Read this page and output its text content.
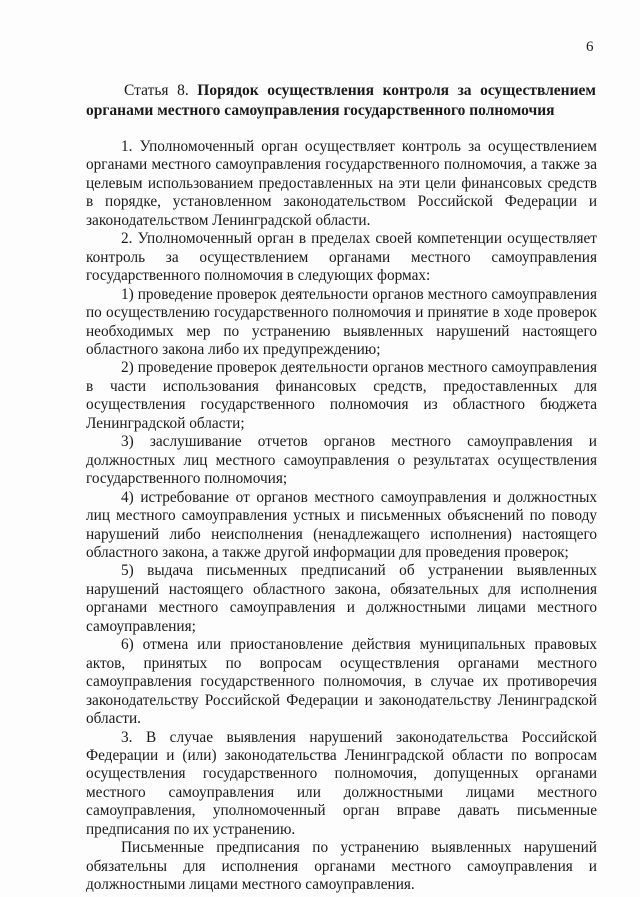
6
Статья 8. Порядок осуществления контроля за осуществлением органами местного самоуправления государственного полномочия

1. Уполномоченный орган осуществляет контроль за осуществлением органами местного самоуправления государственного полномочия, а также за целевым использованием предоставленных на эти цели финансовых средств в порядке, установленном законодательством Российской Федерации и законодательством Ленинградской области.

2. Уполномоченный орган в пределах своей компетенции осуществляет контроль за осуществлением органами местного самоуправления государственного полномочия в следующих формах:

1) проведение проверок деятельности органов местного самоуправления по осуществлению государственного полномочия и принятие в ходе проверок необходимых мер по устранению выявленных нарушений настоящего областного закона либо их предупреждению;

2) проведение проверок деятельности органов местного самоуправления в части использования финансовых средств, предоставленных для осуществления государственного полномочия из областного бюджета Ленинградской области;

3) заслушивание отчетов органов местного самоуправления и должностных лиц местного самоуправления о результатах осуществления государственного полномочия;

4) истребование от органов местного самоуправления и должностных лиц местного самоуправления устных и письменных объяснений по поводу нарушений либо неисполнения (ненадлежащего исполнения) настоящего областного закона, а также другой информации для проведения проверок;

5) выдача письменных предписаний об устранении выявленных нарушений настоящего областного закона, обязательных для исполнения органами местного самоуправления и должностными лицами местного самоуправления;

6) отмена или приостановление действия муниципальных правовых актов, принятых по вопросам осуществления органами местного самоуправления государственного полномочия, в случае их противоречия законодательству Российской Федерации и законодательству Ленинградской области.

3. В случае выявления нарушений законодательства Российской Федерации и (или) законодательства Ленинградской области по вопросам осуществления государственного полномочия, допущенных органами местного самоуправления или должностными лицами местного самоуправления, уполномоченный орган вправе давать письменные предписания по их устранению.

Письменные предписания по устранению выявленных нарушений обязательны для исполнения органами местного самоуправления и должностными лицами местного самоуправления.
